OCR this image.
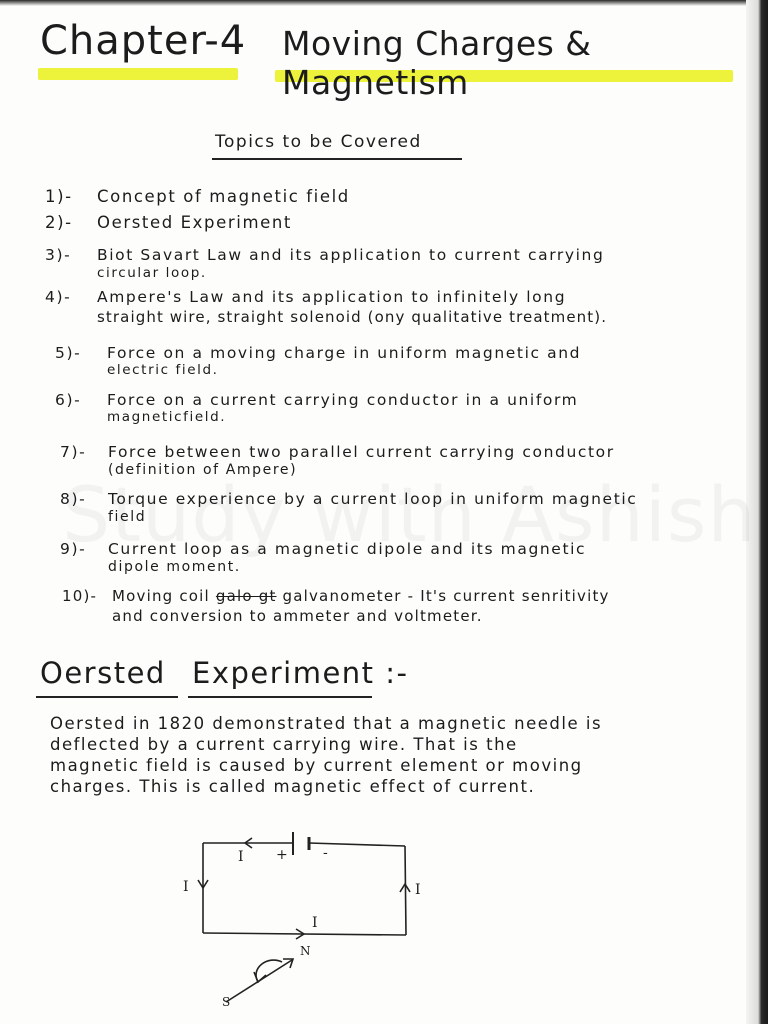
Chapter-4 Moving Charges & Magnetism
Topics to be Covered
1)- Concept of magnetic field
2)- Oersted Experiment
3)- Biot Savart Law and its application to current carrying
circular loop.
4)- Ampere's Law and its application to infinitely long
straight wire, straight solenoid (ony qualitative treatment).
5)- Force on a moving charge in uniform magnetic and
electric field.
6)- Force on a current carrying conductor in a uniform
magneticfield.
7)- Force between two parallel current carrying conductor
(definition of Ampere)
8)- Torque experience by a current loop in uniform magnetic
field
9)- Current loop as a magnetic dipole and its magnetic
dipole moment.
10)- Moving coil galo gt galvanometer - It's current senritivity
and conversion to ammeter and voltmeter.
Oersted Experiment :-
Oersted in 1820 demonstrated that a magnetic needle is
deflected by a current carrying wire. That is the
magnetic field is caused by current element or moving
charges. This is called magnetic effect of current.
I +	-
I	I
I
N
S
